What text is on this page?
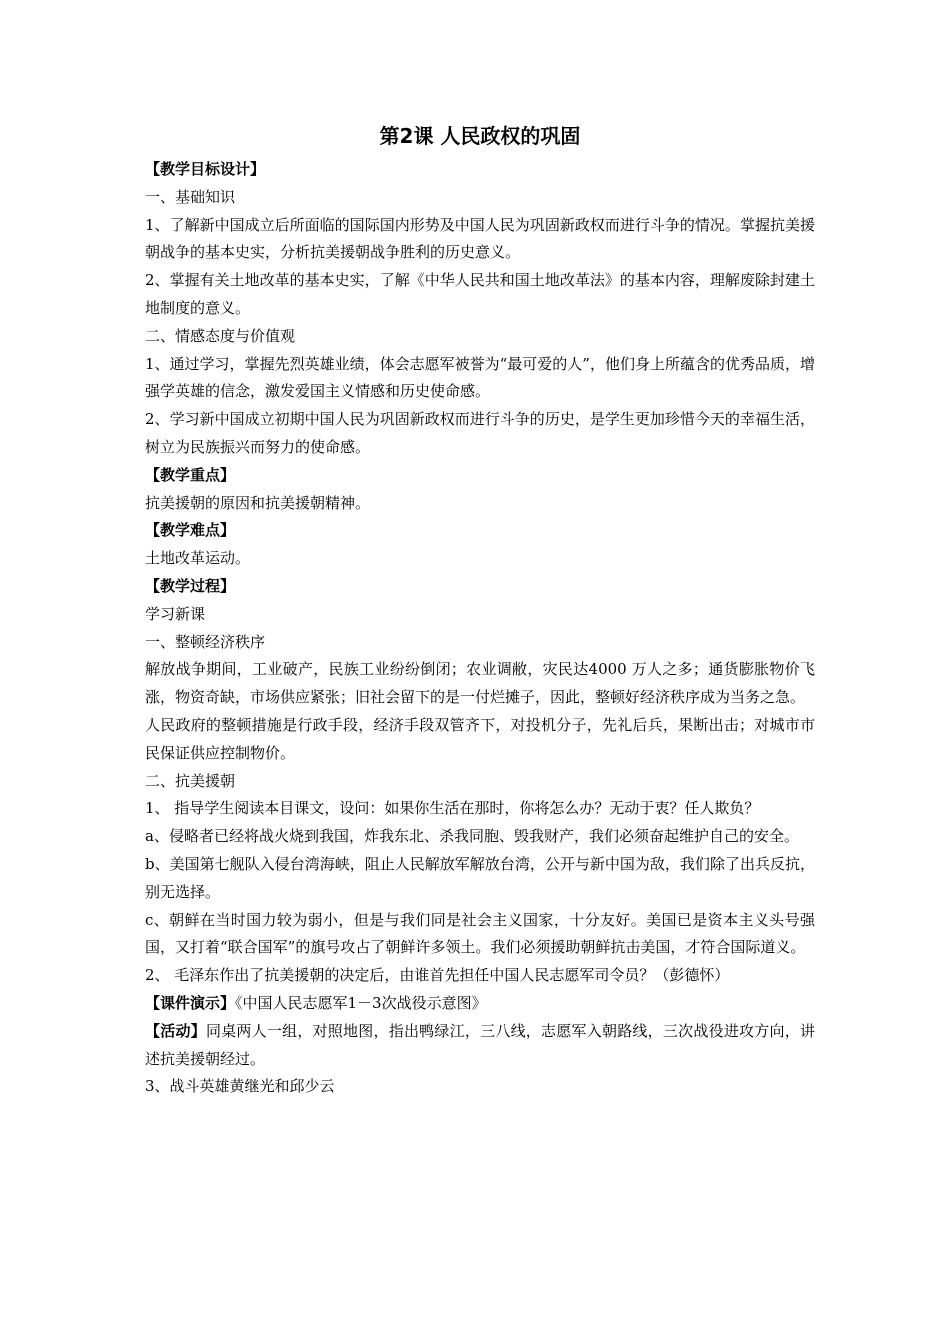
第2课 人民政权的巩固

【教学目标设计】

一、基础知识

1、了解新中国成立后所面临的国际国内形势及中国人民为巩固新政权而进行斗争的情况。掌握抗美援朝战争的基本史实，分析抗美援朝战争胜利的历史意义。

2、掌握有关土地改革的基本史实，了解《中华人民共和国土地改革法》的基本内容，理解废除封建土地制度的意义。

二、情感态度与价值观

1、通过学习，掌握先烈英雄业绩，体会志愿军被誉为“最可爱的人”，他们身上所蕴含的优秀品质，增强学英雄的信念，激发爱国主义情感和历史使命感。

2、学习新中国成立初期中国人民为巩固新政权而进行斗争的历史，是学生更加珍惜今天的幸福生活，树立为民族振兴而努力的使命感。

【教学重点】

抗美援朝的原因和抗美援朝精神。

【教学难点】

土地改革运动。

【教学过程】

学习新课

一、整顿经济秩序

解放战争期间，工业破产，民族工业纷纷倒闭；农业调敝，灾民达4000 万人之多；通货膨胀物价飞涨，物资奇缺，市场供应紧张；旧社会留下的是一付烂摊子，因此，整顿好经济秩序成为当务之急。

人民政府的整顿措施是行政手段，经济手段双管齐下，对投机分子，先礼后兵，果断出击；对城市市民保证供应控制物价。

二、抗美援朝

1、 指导学生阅读本目课文，设问：如果你生活在那时，你将怎么办？无动于衷？任人欺负？

a、侵略者已经将战火烧到我国，炸我东北、杀我同胞、毁我财产，我们必须奋起维护自己的安全。

b、美国第七舰队入侵台湾海峡，阻止人民解放军解放台湾，公开与新中国为敌，我们除了出兵反抗，别无选择。

c、朝鲜在当时国力较为弱小，但是与我们同是社会主义国家，十分友好。美国已是资本主义头号强国，又打着“联合国军”的旗号攻占了朝鲜许多领土。我们必须援助朝鲜抗击美国，才符合国际道义。

2、 毛泽东作出了抗美援朝的决定后，由谁首先担任中国人民志愿军司令员？（彭德怀）

【课件演示】《中国人民志愿军1－3次战役示意图》

【活动】同桌两人一组，对照地图，指出鸭绿江，三八线，志愿军入朝路线，三次战役进攻方向，讲述抗美援朝经过。

3、战斗英雄黄继光和邱少云
